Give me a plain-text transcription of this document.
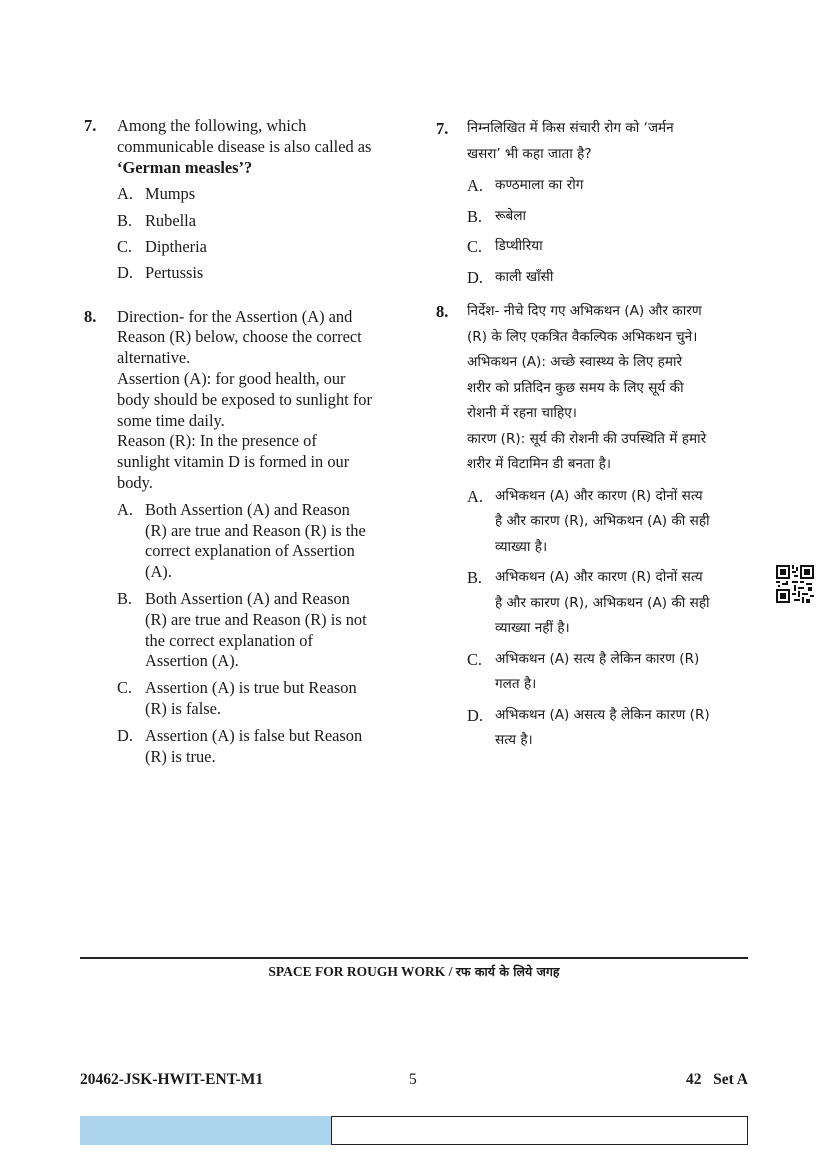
7.	Among the following, which
communicable disease is also called as
‘German measles’?
A. Mumps
B. Rubella
C. Diptheria
D. Pertussis
8.	Direction- for the Assertion (A) and
Reason (R) below, choose the correct
alternative.
Assertion (A): for good health, our
body should be exposed to sunlight for
some time daily.
Reason (R): In the presence of
sunlight vitamin D is formed in our
body.
A. Both Assertion (A) and Reason
(R) are true and Reason (R) is the
correct explanation of Assertion
(A).
B. Both Assertion (A) and Reason
(R) are true and Reason (R) is not
the correct explanation of
Assertion (A).
C. Assertion (A) is true but Reason
(R) is false.
D. Assertion (A) is false but Reason
(R) is true.
7.	निम्नलिखित में किस संचारी रोग को ‘जर्मन
खसरा’ भी कहा जाता है?
A. कण्ठमाला का रोग
B. रूबेला
C. डिप्थीरिया
D. काली खाँसी
8.	निर्देश- नीचे दिए गए अभिकथन (A) और कारण
(R) के लिए एकत्रित वैकल्पिक अभिकथन चुने।
अभिकथन (A): अच्छे स्वास्थ्य के लिए हमारे
शरीर को प्रतिदिन कुछ समय के लिए सूर्य की
रोशनी में रहना चाहिए।
कारण (R): सूर्य की रोशनी की उपस्थिति में हमारे
शरीर में विटामिन डी बनता है।
A. अभिकथन (A) और कारण (R) दोनों सत्य
है और कारण (R), अभिकथन (A) की सही
व्याख्या है।
B. अभिकथन (A) और कारण (R) दोनों सत्य
है और कारण (R), अभिकथन (A) की सही
व्याख्या नहीं है।
C. अभिकथन (A) सत्य है लेकिन कारण (R)
गलत है।
D. अभिकथन (A) असत्य है लेकिन कारण (R)
सत्य है।
SPACE FOR ROUGH WORK / रफ कार्य के लिये जगह
20462-JSK-HWIT-ENT-M1	5	42   Set A
